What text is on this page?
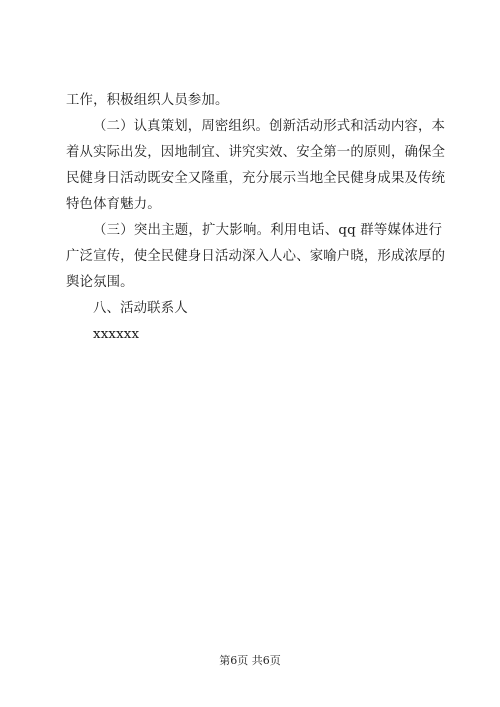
工作，积极组织人员参加。
（二）认真策划，周密组织。创新活动形式和活动内容，本
着从实际出发，因地制宜、讲究实效、安全第一的原则，确保全
民健身日活动既安全又隆重，充分展示当地全民健身成果及传统
特色体育魅力。
（三）突出主题，扩大影响。利用电话、qq 群等媒体进行
广泛宣传，使全民健身日活动深入人心、家喻户晓，形成浓厚的
舆论氛围。
八、活动联系人
xxxxxx
第6页 共6页
